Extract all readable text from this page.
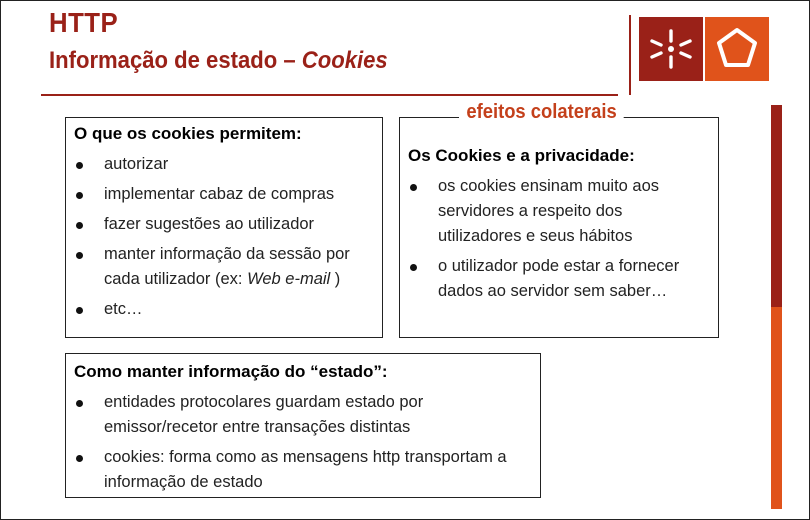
HTTP
Informação de estado – Cookies
O que os cookies permitem:
autorizar
implementar cabaz de compras
fazer sugestões ao utilizador
manter informação da sessão por cada utilizador (ex: Web e-mail )
etc…
Os Cookies e a privacidade:
os cookies ensinam muito aos servidores a respeito dos utilizadores e seus hábitos
o utilizador pode estar a fornecer dados ao servidor sem saber…
efeitos colaterais
Como manter informação do “estado”:
entidades protocolares guardam estado por emissor/recetor entre transações distintas
cookies: forma como as mensagens http transportam a informação de estado
